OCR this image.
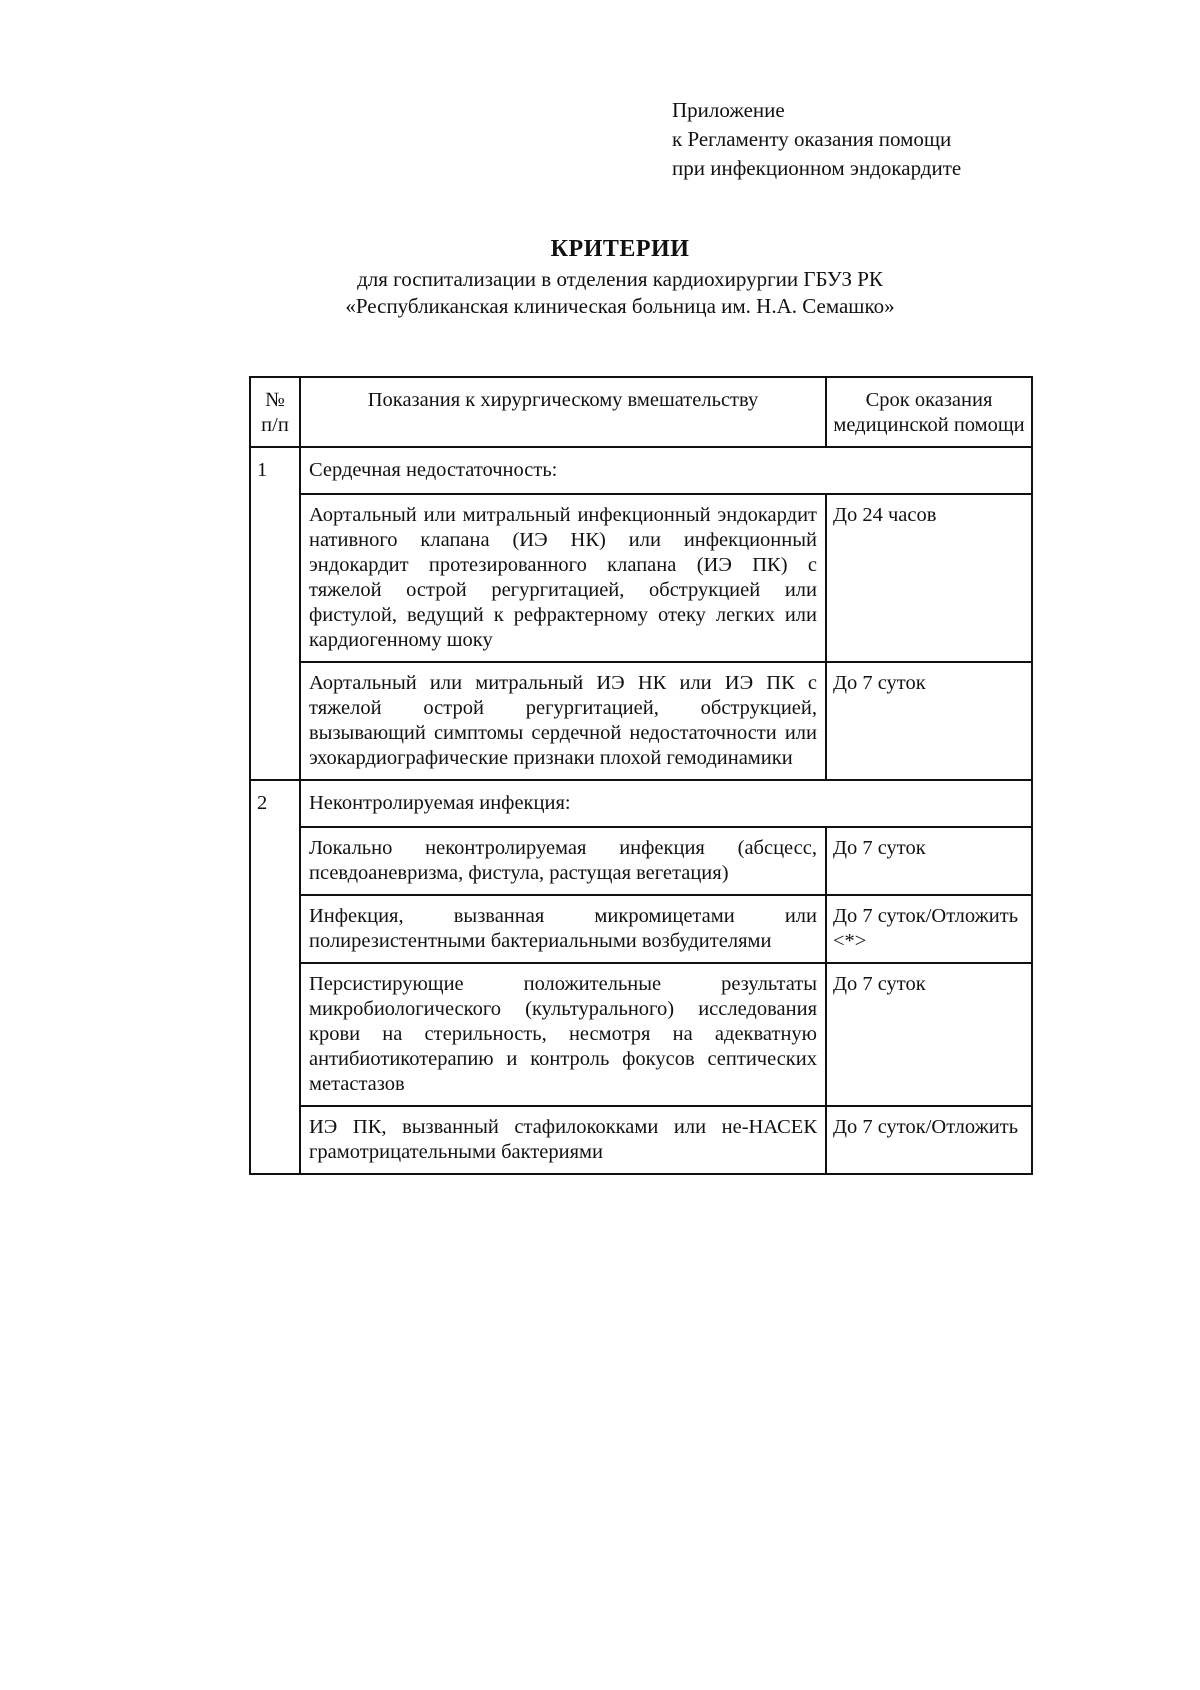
Приложение
к Регламенту оказания помощи
при инфекционном эндокардите
КРИТЕРИИ
для госпитализации в отделения кардиохирургии ГБУЗ РК
«Республиканская клиническая больница им. Н.А. Семашко»
№ п/п	Показания к хирургическому вмешательству	Срок оказания медицинской помощи
1	Сердечная недостаточность:	
	Аортальный или митральный инфекционный эндокардит нативного клапана (ИЭ НК) или инфекционный эндокардит протезированного клапана (ИЭ ПК) с тяжелой острой регургитацией, обструкцией или фистулой, ведущий к рефрактерному отеку легких или кардиогенному шоку	До 24 часов
	Аортальный или митральный ИЭ НК или ИЭ ПК с тяжелой острой регургитацией, обструкцией, вызывающий симптомы сердечной недостаточности или эхокардиографические признаки плохой гемодинамики	До 7 суток
2	Неконтролируемая инфекция:	
	Локально неконтролируемая инфекция (абсцесс, псевдоаневризма, фистула, растущая вегетация)	До 7 суток
	Инфекция, вызванная микромицетами или полирезистентными бактериальными возбудителями	До 7 суток/Отложить <*>
	Персистирующие положительные результаты микробиологического (культурального) исследования крови на стерильность, несмотря на адекватную антибиотикотерапию и контроль фокусов септических метастазов	До 7 суток
	ИЭ ПК, вызванный стафилококками или не-НАСЕК грамотрицательными бактериями	До 7 суток/Отложить
